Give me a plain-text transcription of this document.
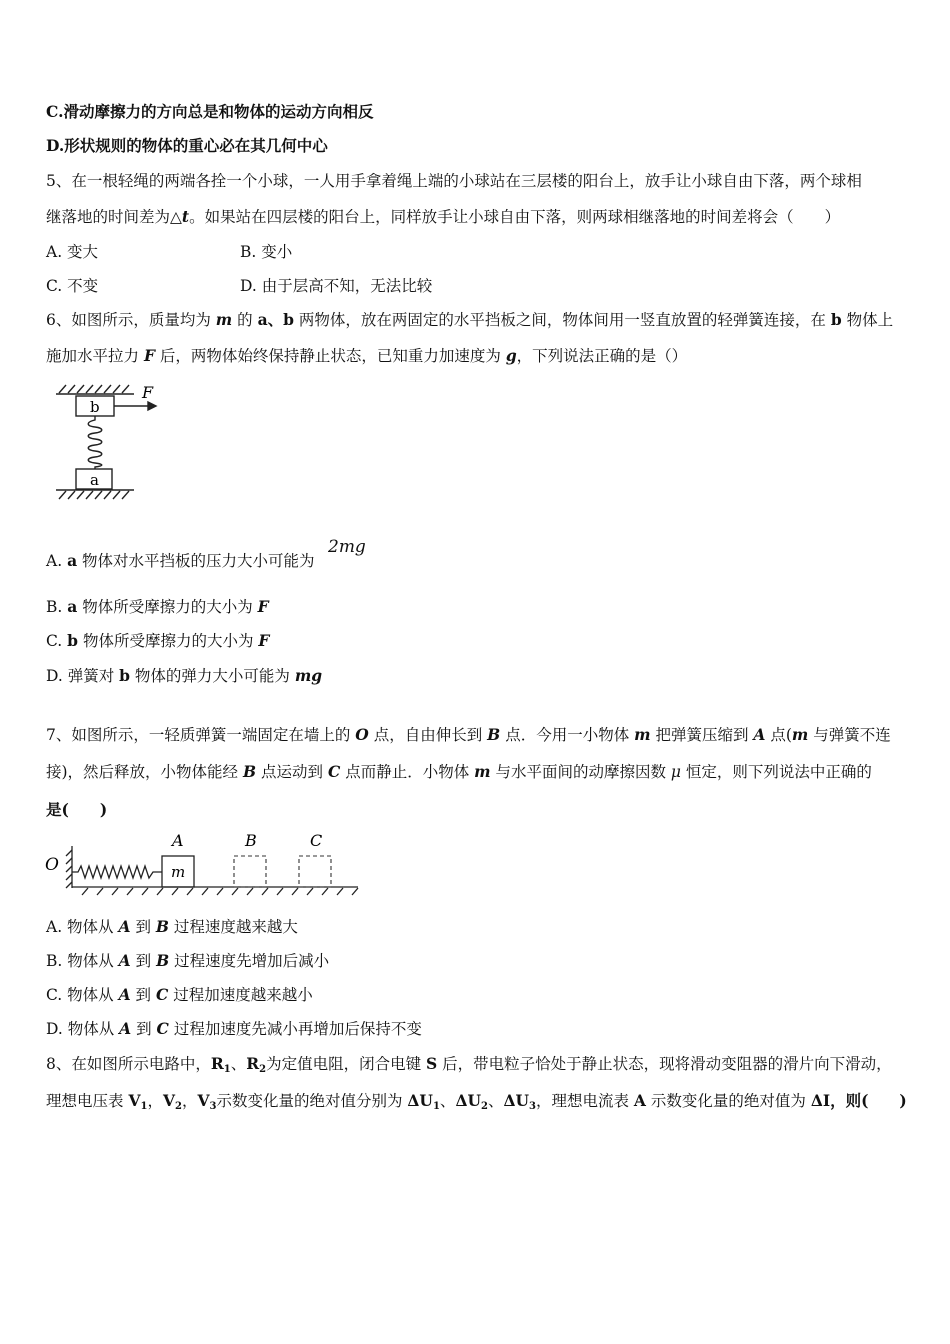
C.滑动摩擦力的方向总是和物体的运动方向相反
D.形状规则的物体的重心必在其几何中心
5、在一根轻绳的两端各拴一个小球，一人用手拿着绳上端的小球站在三层楼的阳台上，放手让小球自由下落，两个球相
继落地的时间差为△t。如果站在四层楼的阳台上，同样放手让小球自由下落，则两球相继落地的时间差将会（　　）
A. 变大	B. 变小
C. 不变	D. 由于层高不知，无法比较
6、如图所示，质量均为 m 的 a、b 两物体，放在两固定的水平挡板之间，物体间用一竖直放置的轻弹簧连接，在 b 物体上
施加水平拉力 F 后，两物体始终保持静止状态，已知重力加速度为 g，下列说法正确的是（）
b
a
F
A. a 物体对水平挡板的压力大小可能为
2mg
B. a 物体所受摩擦力的大小为 F
C. b 物体所受摩擦力的大小为 F
D. 弹簧对 b 物体的弹力大小可能为 mg
7、如图所示，一轻质弹簧一端固定在墙上的 O 点，自由伸长到 B 点．今用一小物体 m 把弹簧压缩到 A 点(m 与弹簧不连
接)，然后释放，小物体能经 B 点运动到 C 点而静止．小物体 m 与水平面间的动摩擦因数 μ 恒定，则下列说法中正确的
是(　　)
O
A	B	C
m
A. 物体从 A 到 B 过程速度越来越大
B. 物体从 A 到 B 过程速度先增加后减小
C. 物体从 A 到 C 过程加速度越来越小
D. 物体从 A 到 C 过程加速度先减小再增加后保持不变
8、在如图所示电路中，$R_1$、$R_2$为定值电阻，闭合电键 S 后，带电粒子恰处于静止状态，现将滑动变阻器的滑片向下滑动，
理想电压表 $V_1$，$V_2$，$V_3$示数变化量的绝对值分别为 $\Delta U_1$、$\Delta U_2$、$\Delta U_3$，理想电流表 A 示数变化量的绝对值为 ΔI，则(　　)
